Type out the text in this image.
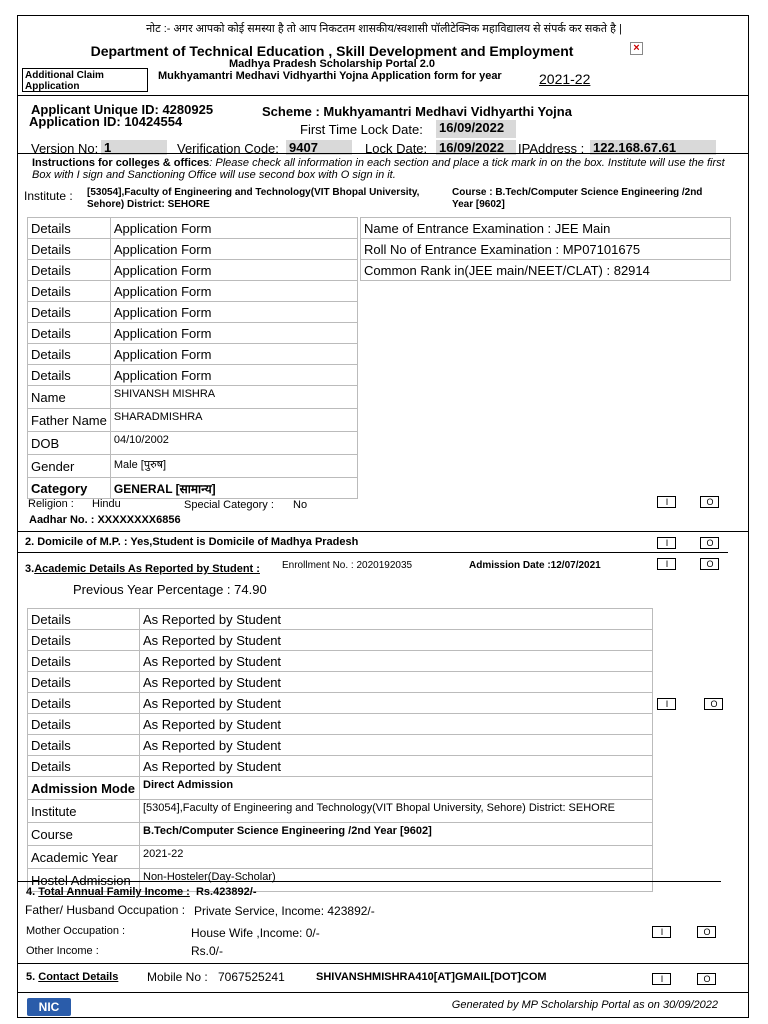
नोट :- अगर आपको कोई समस्या है तो आप निकटतम शासकीय/स्वशासी पॉलीटेक्निक महाविद्यालय से संपर्क कर सकते है |
Department of Technical Education , Skill Development and Employment	×
Madhya Pradesh Scholarship Portal 2.0
Additional Claim Application
Mukhyamantri Medhavi Vidhyarthi Yojna Application form for year	2021-22
Applicant Unique ID: 4280925
Application ID: 10424554
Scheme : Mukhyamantri Medhavi Vidhyarthi Yojna
First Time Lock Date: 16/09/2022
Version No: 1	Verification Code: 9407	Lock Date: 16/09/2022	IPAddress : 122.168.67.61
Instructions for colleges & offices: Please check all information in each section and place a tick mark in on the box. Institute will use the first Box with I sign and Sanctioning Office will use second box with O sign in it.
Institute : [53054],Faculty of Engineering and Technology(VIT Bhopal University, Sehore) District: SEHORE
Course : B.Tech/Computer Science Engineering /2nd Year [9602]
Details	Application Form
Details	Application Form
Details	Application Form
Details	Application Form
Details	Application Form
Details	Application Form
Details	Application Form
Details	Application Form
Name	SHIVANSH MISHRA
Father Name	SHARADMISHRA
DOB	04/10/2002
Gender	Male [पुरुष]
Category	GENERAL [सामान्य]
Name of Entrance Examination : JEE Main
Roll No of Entrance Examination : MP07101675
Common Rank in(JEE main/NEET/CLAT) : 82914
Religion : Hindu	Special Category : No
Aadhar No. : XXXXXXXX6856
I	O
2. Domicile of M.P. : Yes,Student is Domicile of Madhya Pradesh	I	O
3.Academic Details As Reported by Student : Enrollment No. : 2020192035	Admission Date :12/07/2021	I	O
Previous Year Percentage : 74.90
Details	As Reported by Student
Details	As Reported by Student
Details	As Reported by Student
Details	As Reported by Student
Details	As Reported by Student
Details	As Reported by Student
Details	As Reported by Student
Details	As Reported by Student
Admission Mode	Direct Admission
Institute	[53054],Faculty of Engineering and Technology(VIT Bhopal University, Sehore) District: SEHORE
Course	B.Tech/Computer Science Engineering /2nd Year [9602]
Academic Year	2021-22
Hostel Admission	Non-Hosteler(Day-Scholar)
I	O
4. Total Annual Family Income : Rs.423892/-
Father/ Husband Occupation : Private Service, Income: 423892/-
Mother Occupation :	House Wife ,Income: 0/-
Other Income :	Rs.0/-
I	O
5. Contact Details Mobile No : 7067525241	SHIVANSHMISHRA410[AT]GMAIL[DOT]COM	I	O
NIC	Generated by MP Scholarship Portal as on 30/09/2022
